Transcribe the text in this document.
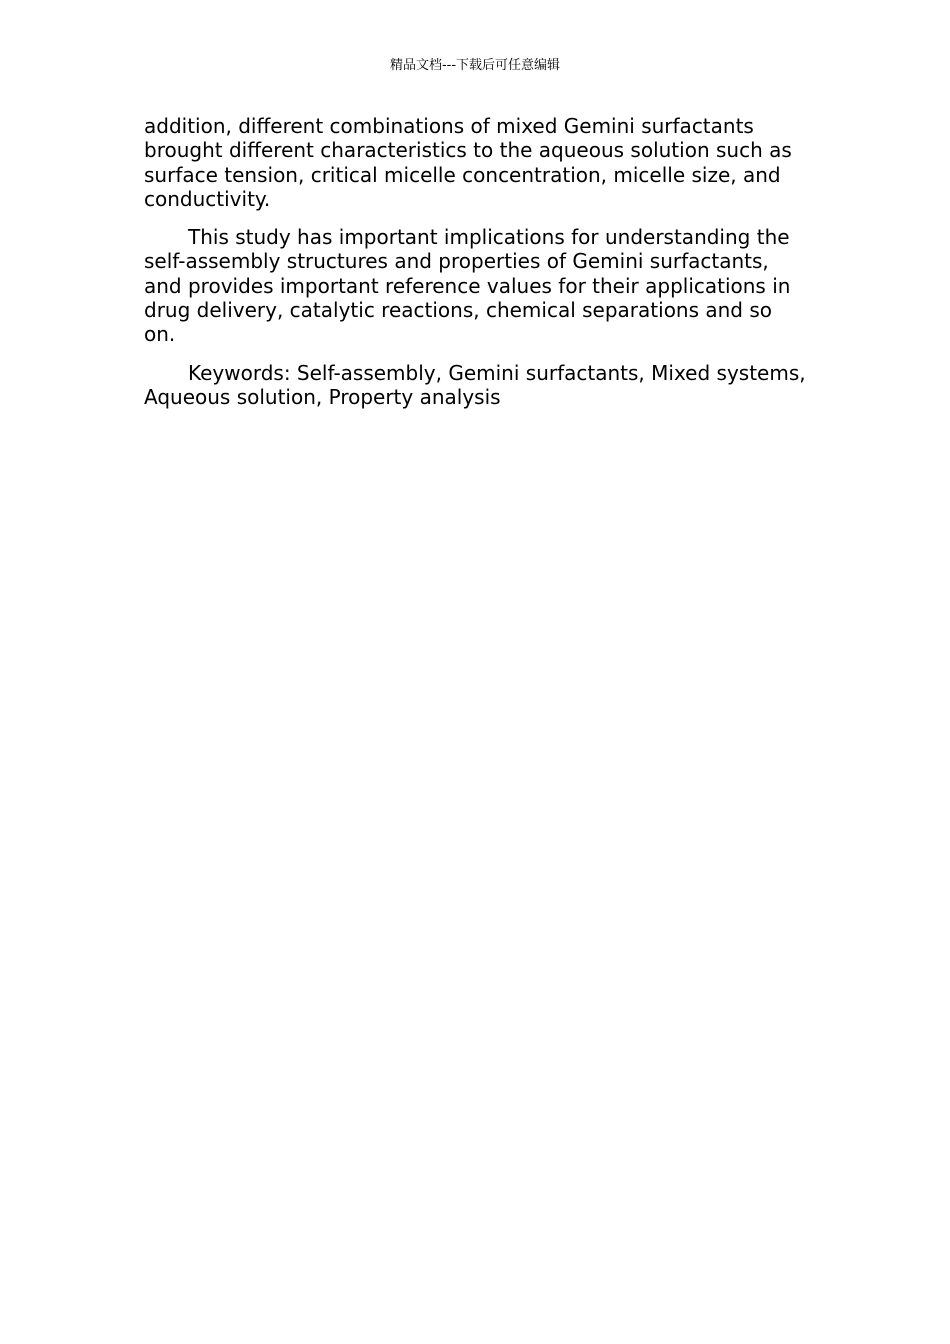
精品文档---下载后可任意编辑

addition, different combinations of mixed Gemini surfactants brought different characteristics to the aqueous solution such as surface tension, critical micelle concentration, micelle size, and conductivity.

This study has important implications for understanding the self-assembly structures and properties of Gemini surfactants, and provides important reference values for their applications in drug delivery, catalytic reactions, chemical separations and so on.

Keywords: Self-assembly, Gemini surfactants, Mixed systems, Aqueous solution, Property analysis
